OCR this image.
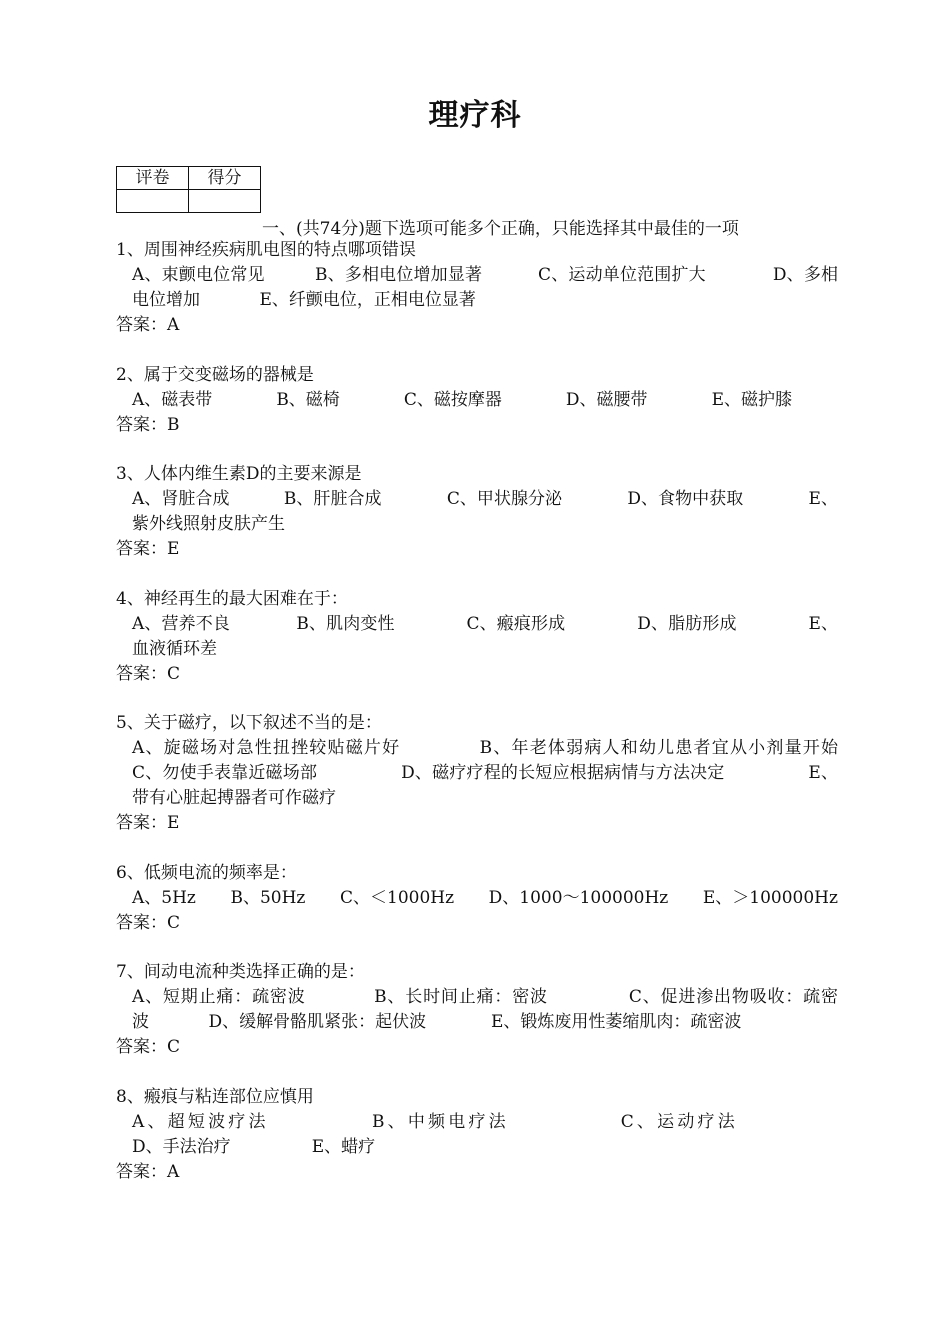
理疗科
评卷	得分

一、(共74分)题下选项可能多个正确，只能选择其中最佳的一项
1、周围神经疾病肌电图的特点哪项错误
A、束颤电位常见	B、多相电位增加显著	C、运动单位范围扩大	D、多相电位增加	E、纤颤电位，正相电位显著
答案：A
2、属于交变磁场的器械是
A、磁表带	B、磁椅	C、磁按摩器	D、磁腰带	E、磁护膝
答案：B
3、人体内维生素D的主要来源是
A、肾脏合成	B、肝脏合成	C、甲状腺分泌	D、食物中获取	E、紫外线照射皮肤产生
答案：E
4、神经再生的最大困难在于：
A、营养不良	B、肌肉变性	C、瘢痕形成	D、脂肪形成	E、血液循环差
答案：C
5、关于磁疗，以下叙述不当的是：
A、旋磁场对急性扭挫较贴磁片好	B、年老体弱病人和幼儿患者宜从小剂量开始 C、勿使手表靠近磁场部	D、磁疗疗程的长短应根据病情与方法决定	E、带有心脏起搏器者可作磁疗
答案：E
6、低频电流的频率是：
A、5Hz B、50Hz C、＜1000Hz D、1000～100000Hz E、＞100000Hz
答案：C
7、间动电流种类选择正确的是：
A、短期止痛：疏密波	B、长时间止痛：密波	C、促进渗出物吸收：疏密波	D、缓解骨骼肌紧张：起伏波	E、锻炼废用性萎缩肌肉：疏密波
答案：C
8、瘢痕与粘连部位应慎用
A、超短波疗法	B、中频电疗法	C、运动疗法             D、手法治疗	E、蜡疗
答案：A
